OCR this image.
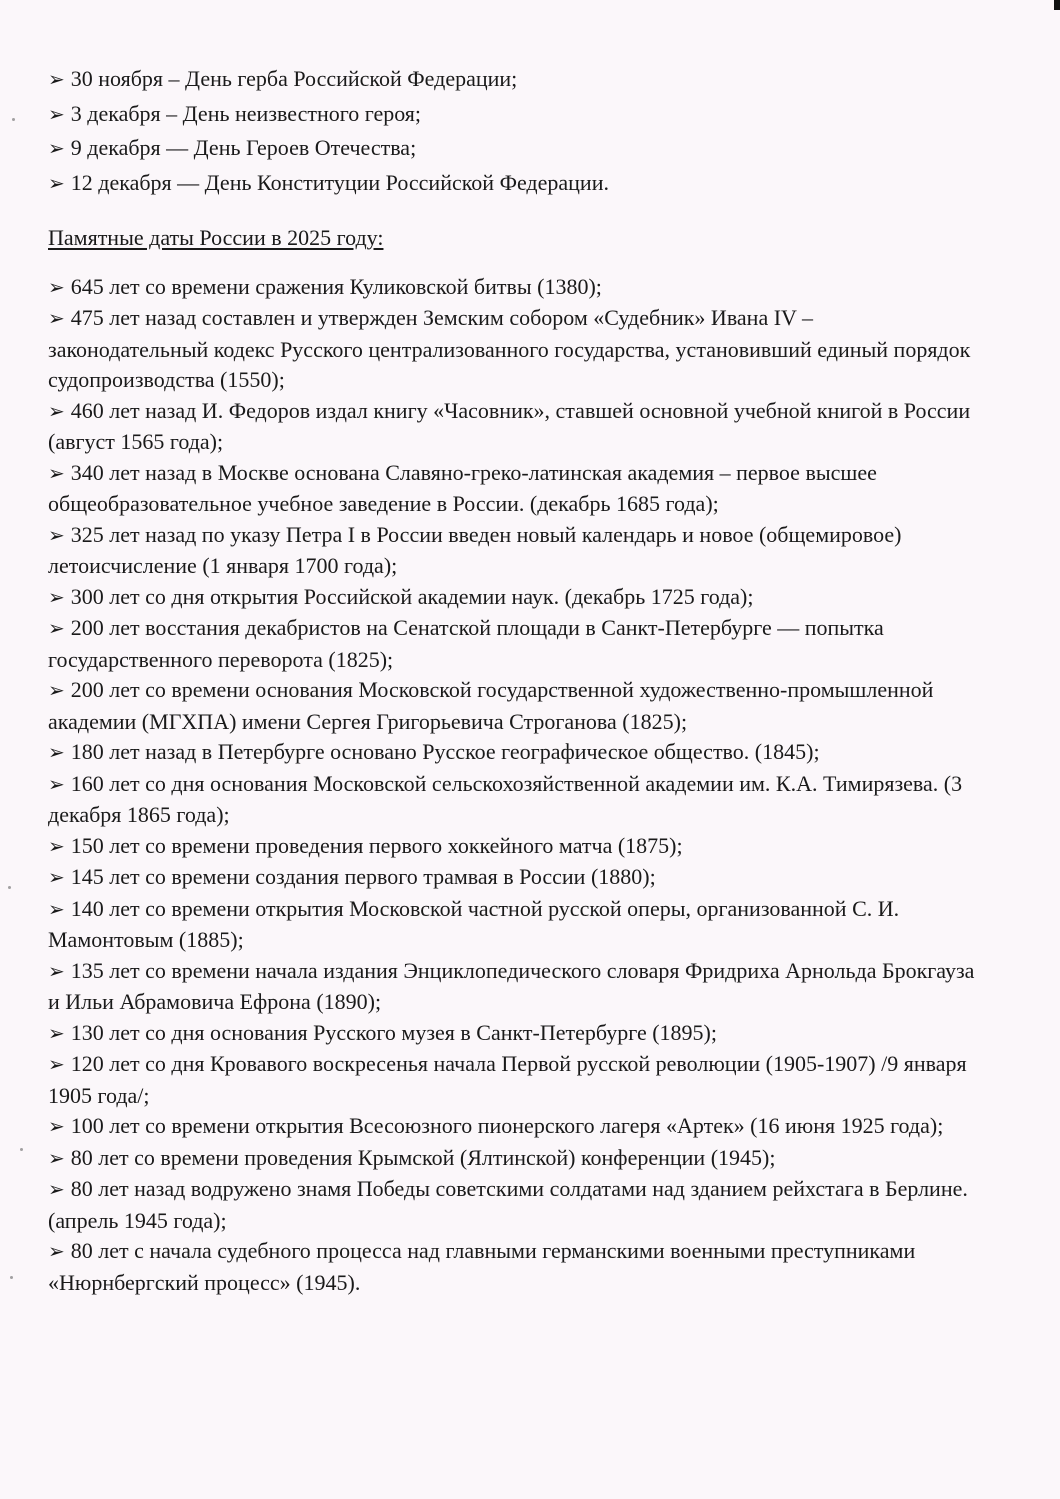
➢ 30 ноября – День герба Российской Федерации;
➢ 3 декабря – День неизвестного героя;
➢ 9 декабря — День Героев Отечества;
➢ 12 декабря — День Конституции Российской Федерации.
Памятные даты России в 2025 году:
➢ 645 лет со времени сражения Куликовской битвы (1380);
➢ 475 лет назад составлен и утвержден Земским собором «Судебник» Ивана IV – законодательный кодекс Русского централизованного государства, установивший единый порядок судопроизводства (1550);
➢ 460 лет назад И. Федоров издал книгу «Часовник», ставшей основной учебной книгой в России (август 1565 года);
➢ 340 лет назад в Москве основана Славяно-греко-латинская академия – первое высшее общеобразовательное учебное заведение в России. (декабрь 1685 года);
➢ 325 лет назад по указу Петра I в России введен новый календарь и новое (общемировое) летоисчисление (1 января 1700 года);
➢ 300 лет со дня открытия Российской академии наук. (декабрь 1725 года);
➢ 200 лет восстания декабристов на Сенатской площади в Санкт-Петербурге — попытка государственного переворота (1825);
➢ 200 лет со времени основания Московской государственной художественно-промышленной академии (МГХПА) имени Сергея Григорьевича Строганова (1825);
➢ 180 лет назад в Петербурге основано Русское географическое общество. (1845);
➢ 160 лет со дня основания Московской сельскохозяйственной академии им. К.А. Тимирязева. (3 декабря 1865 года);
➢ 150 лет со времени проведения первого хоккейного матча (1875);
➢ 145 лет со времени создания первого трамвая в России (1880);
➢ 140 лет со времени открытия Московской частной русской оперы, организованной С. И. Мамонтовым (1885);
➢ 135 лет со времени начала издания Энциклопедического словаря Фридриха Арнольда Брокгауза и Ильи Абрамовича Ефрона (1890);
➢ 130 лет со дня основания Русского музея в Санкт-Петербурге (1895);
➢ 120 лет со дня Кровавого воскресенья начала Первой русской революции (1905-1907) /9 января 1905 года/;
➢ 100 лет со времени открытия Всесоюзного пионерского лагеря «Артек» (16 июня 1925 года);
➢ 80 лет со времени проведения Крымской (Ялтинской) конференции (1945);
➢ 80 лет назад водружено знамя Победы советскими солдатами над зданием рейхстага в Берлине. (апрель 1945 года);
➢ 80 лет с начала судебного процесса над главными германскими военными преступниками «Нюрнбергский процесс» (1945).
